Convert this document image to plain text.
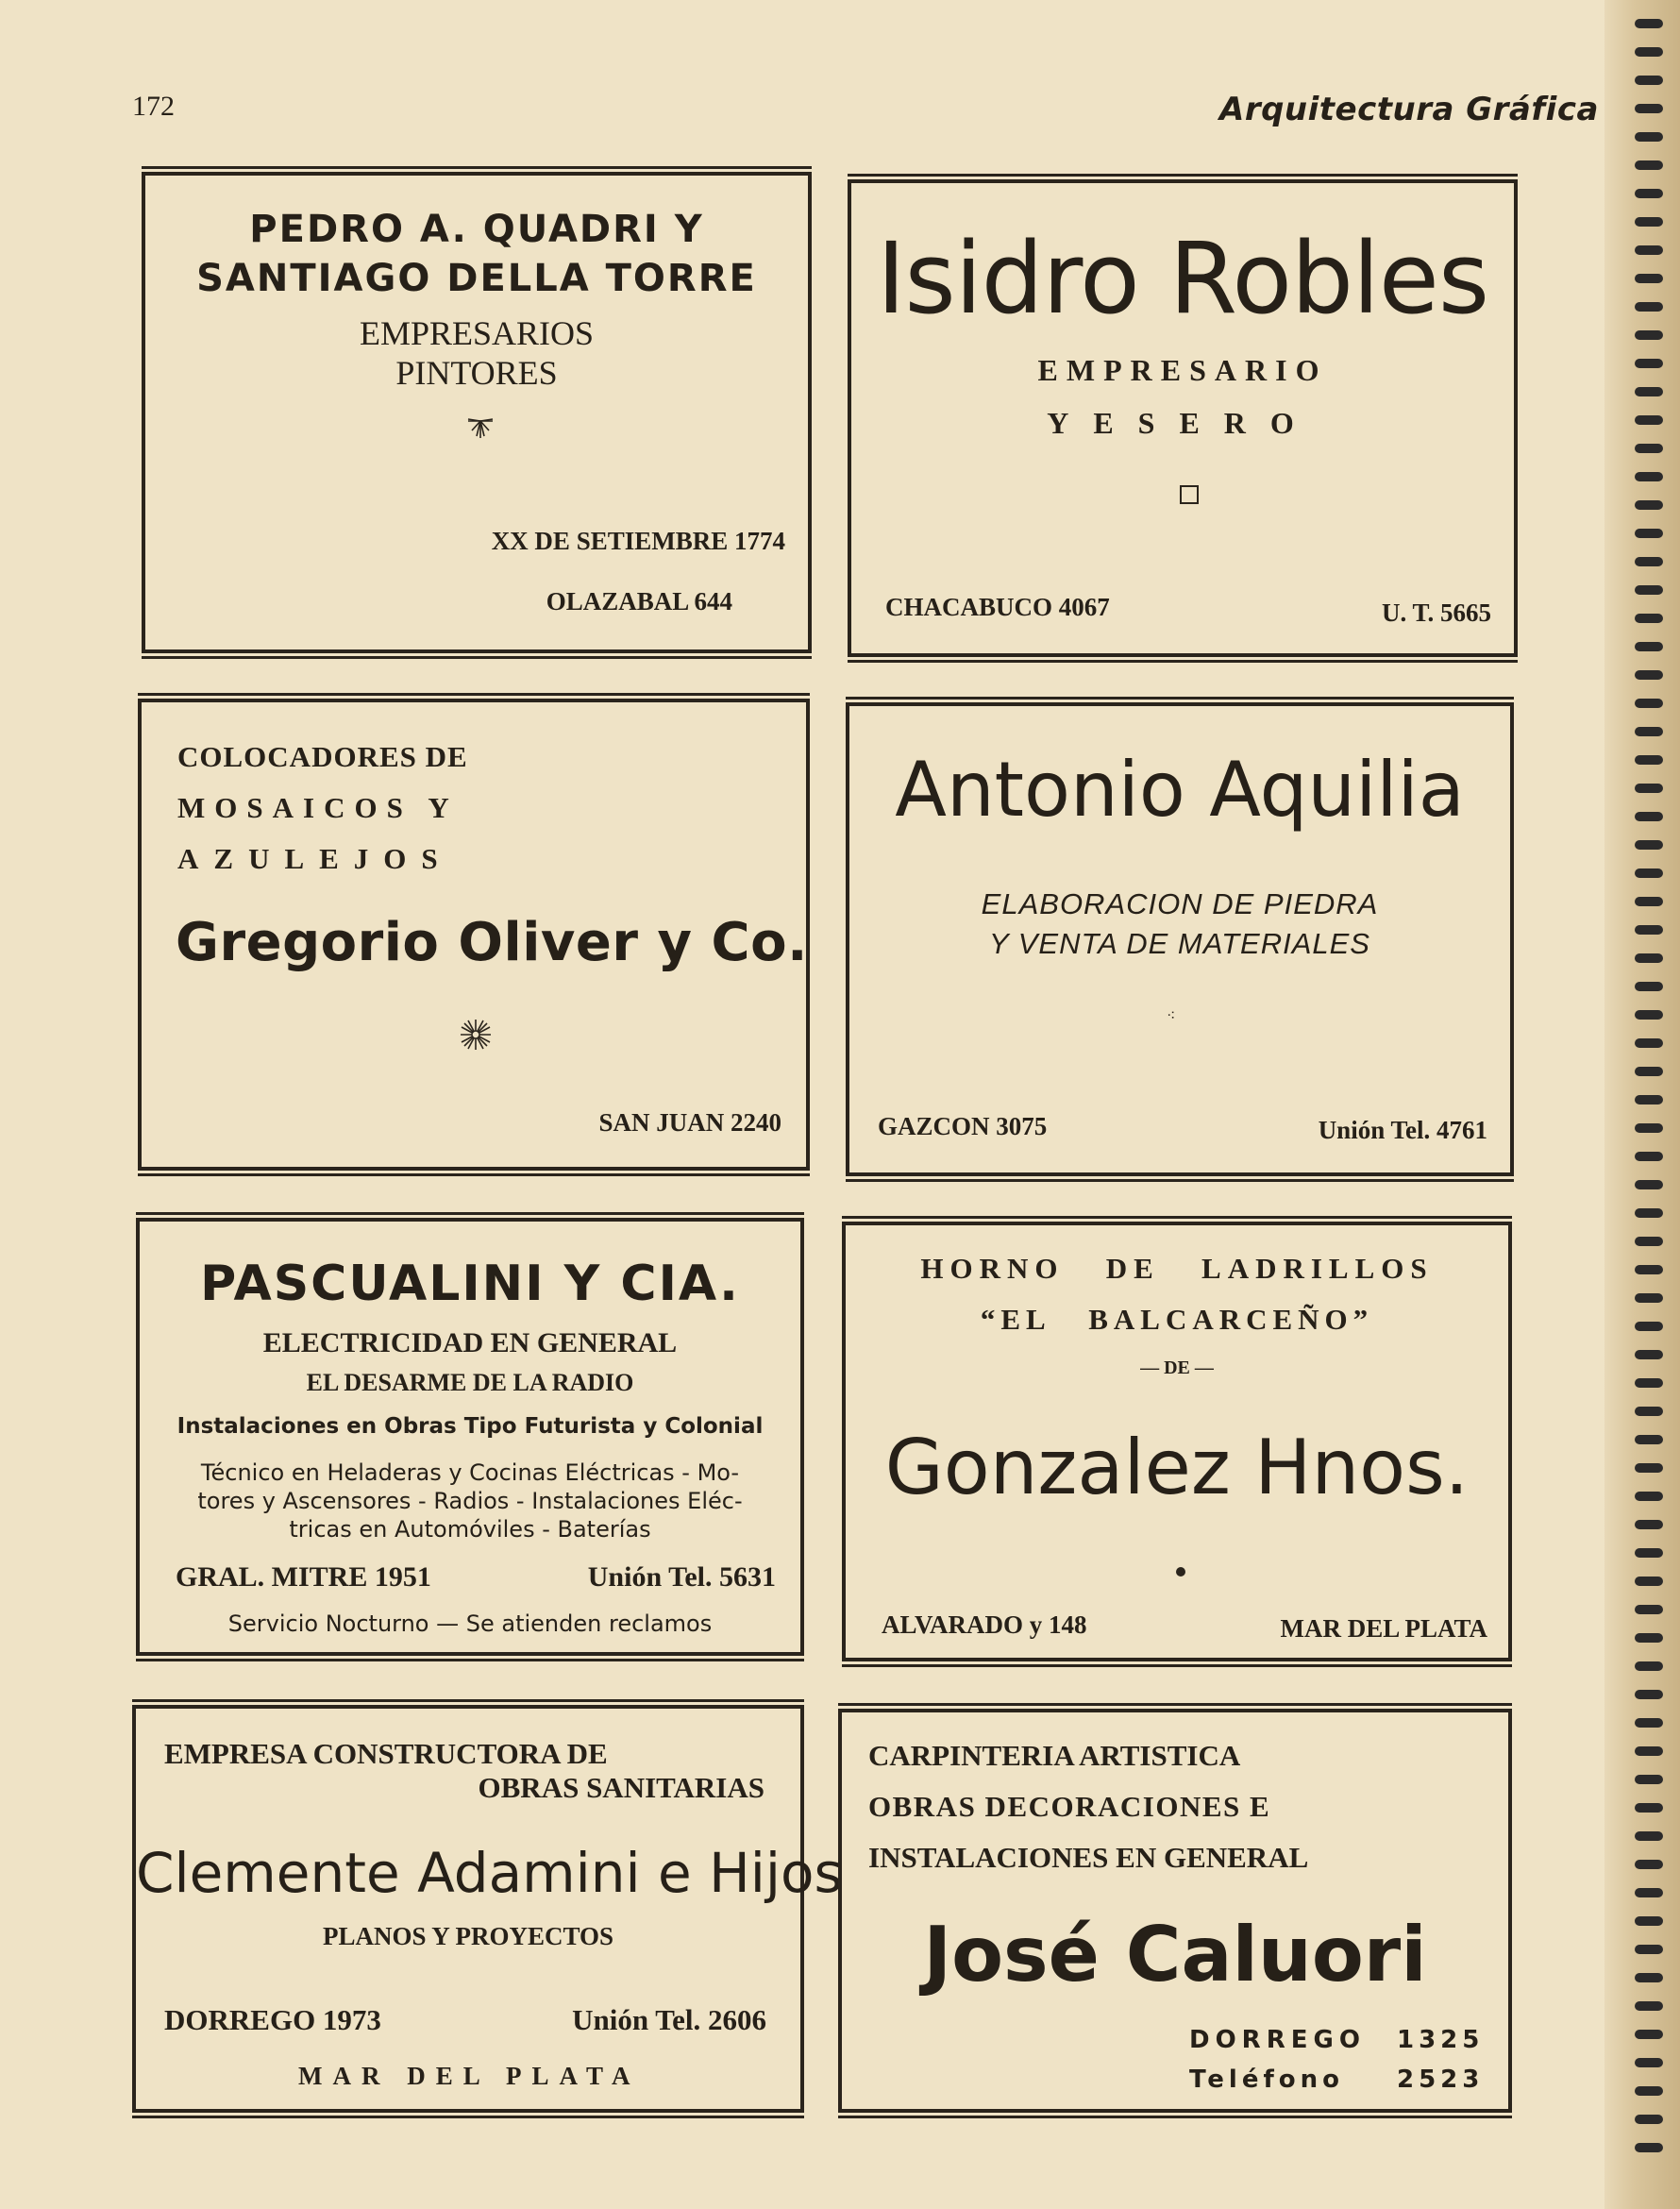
172	Arquitectura Gráfica
PEDRO A. QUADRI Y
SANTIAGO DELLA TORRE
EMPRESARIOS
PINTORES
XX DE SETIEMBRE 1774
OLAZABAL 644
Isidro Robles
EMPRESARIO
YESERO
CHACABUCO 4067	U. T. 5665
COLOCADORES DE
MOSAICOS Y
AZULEJOS
Gregorio Oliver y Co.
SAN JUAN 2240
Antonio Aquilia
ELABORACION DE PIEDRA
Y VENTA DE MATERIALES
⁖
GAZCON 3075	Unión Tel. 4761
PASCUALINI Y CIA.
ELECTRICIDAD EN GENERAL
EL DESARME DE LA RADIO
Instalaciones en Obras Tipo Futurista y Colonial
Técnico en Heladeras y Cocinas Eléctricas - Mo-
tores y Ascensores - Radios - Instalaciones Eléc-
tricas en Automóviles - Baterías
GRAL. MITRE 1951	Unión Tel. 5631
Servicio Nocturno — Se atienden reclamos
HORNO   DE   LADRILLOS
“EL   BALCARCEÑO”
— DE —
Gonzalez Hnos.
ALVARADO y 148	MAR DEL PLATA
EMPRESA CONSTRUCTORA DE
OBRAS SANITARIAS
Clemente Adamini e Hijos
PLANOS Y PROYECTOS
DORREGO 1973	Unión Tel. 2606
MAR DEL PLATA
CARPINTERIA ARTISTICA
OBRAS DECORACIONES E
INSTALACIONES EN GENERAL
José Caluori
DORREGO 1325
Teléfono 2523
